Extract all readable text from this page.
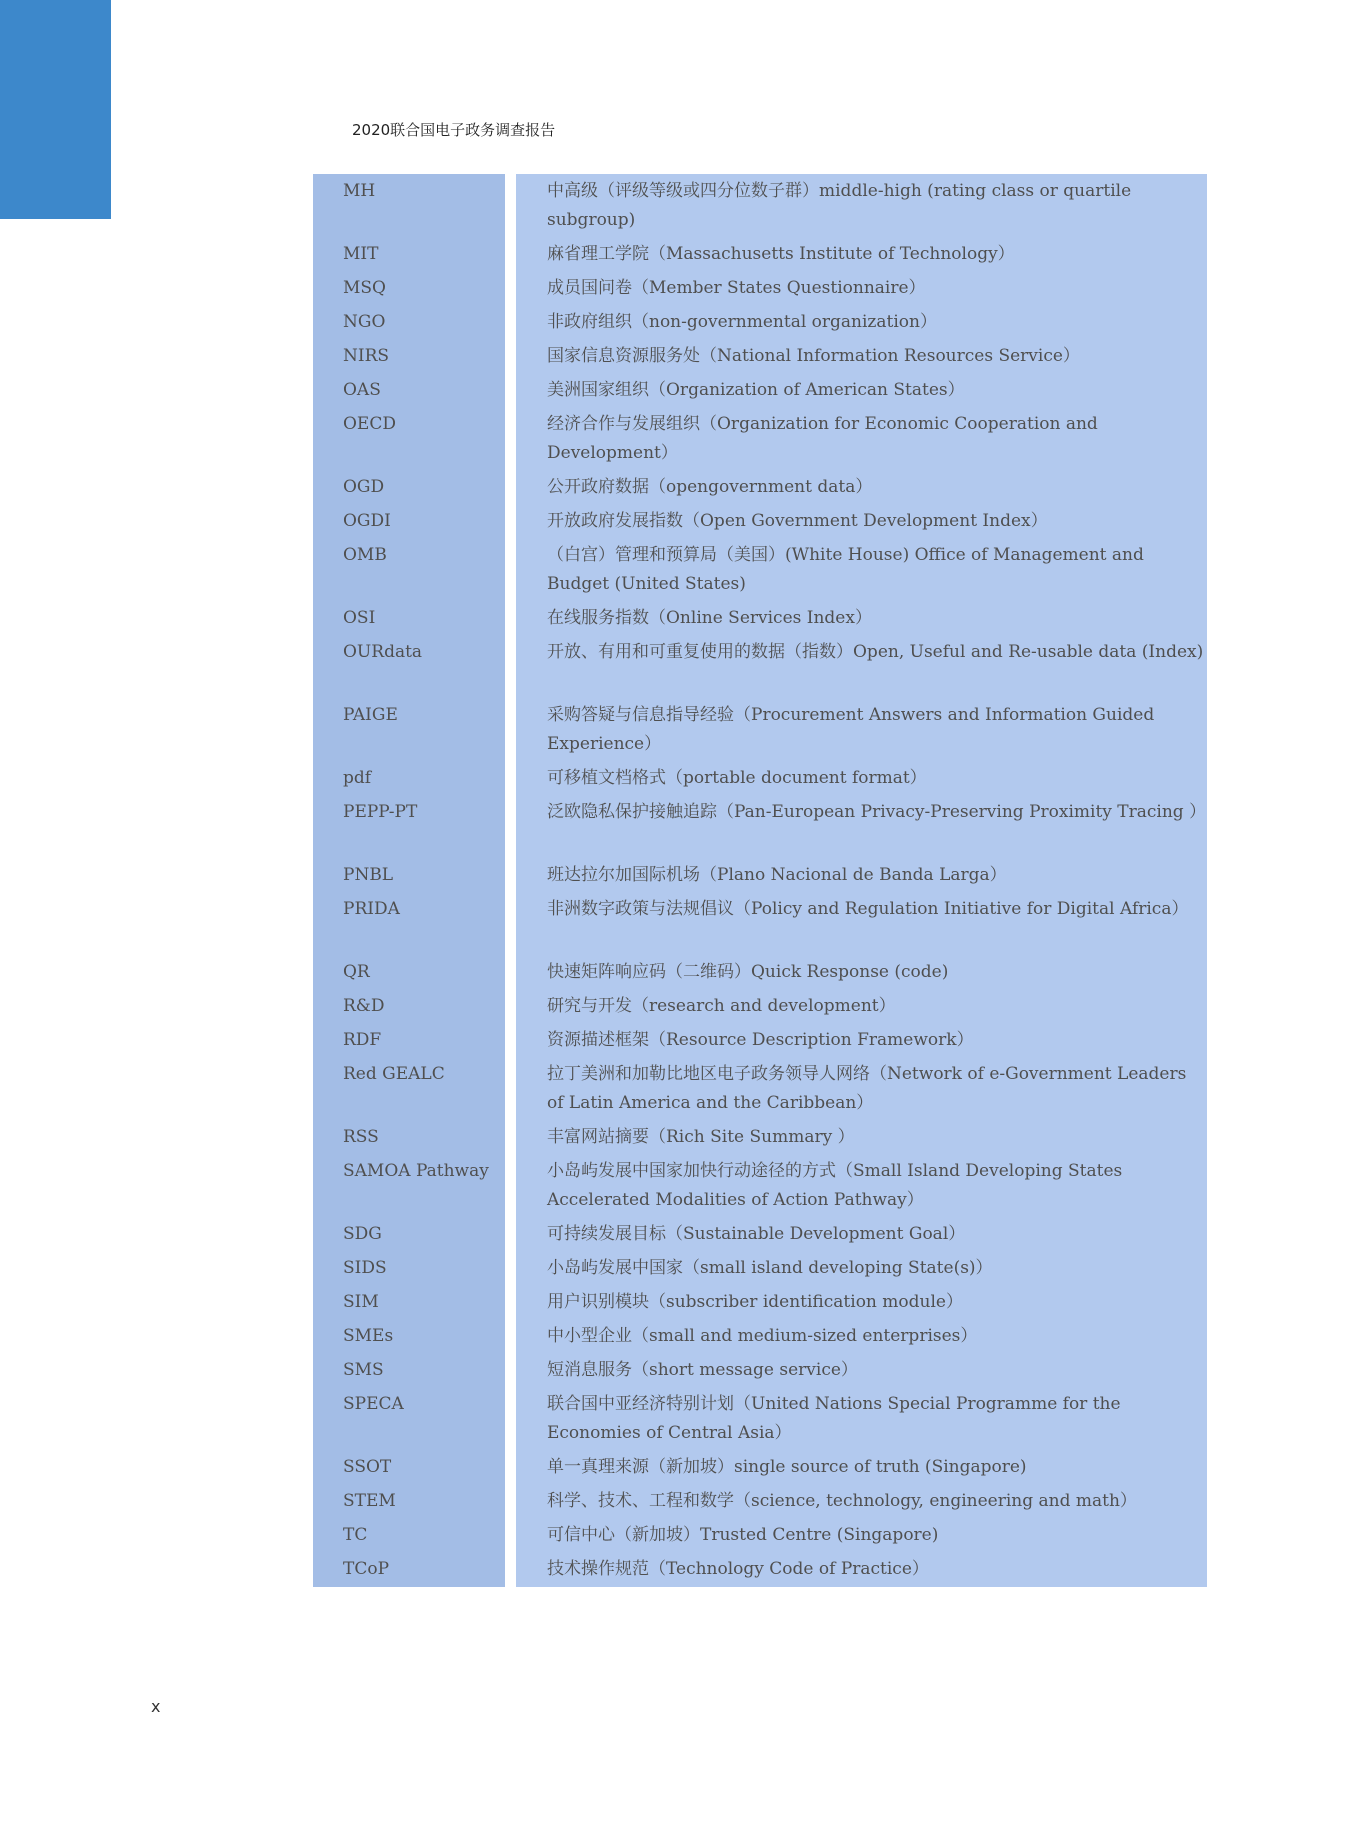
2020联合国电子政务调查报告
MH	中高级（评级等级或四分位数子群）middle-high (rating class or quartile subgroup)
MIT	麻省理工学院（Massachusetts Institute of Technology）
MSQ	成员国问卷（Member States Questionnaire）
NGO	非政府组织（non-governmental organization）
NIRS	国家信息资源服务处（National Information Resources Service）
OAS	美洲国家组织（Organization of American States）
OECD	经济合作与发展组织（Organization for Economic Cooperation and Development）
OGD	公开政府数据（opengovernment data）
OGDI	开放政府发展指数（Open Government Development Index）
OMB	（白宫）管理和预算局（美国）(White House) Office of Management and Budget (United States)
OSI	在线服务指数（Online Services Index）
OURdata	开放、有用和可重复使用的数据（指数）Open, Useful and Re-usable data (Index)
PAIGE	采购答疑与信息指导经验（Procurement Answers and Information Guided Experience）
pdf	可移植文档格式（portable document format）
PEPP-PT	泛欧隐私保护接触追踪（Pan-European Privacy-Preserving Proximity Tracing ）
PNBL	班达拉尔加国际机场（Plano Nacional de Banda Larga）
PRIDA	非洲数字政策与法规倡议（Policy and Regulation Initiative for Digital Africa）
QR	快速矩阵响应码（二维码）Quick Response (code)
R&D	研究与开发（research and development）
RDF	资源描述框架（Resource Description Framework）
Red GEALC	拉丁美洲和加勒比地区电子政务领导人网络（Network of e-Government Leaders of Latin America and the Caribbean）
RSS	丰富网站摘要（Rich Site Summary ）
SAMOA Pathway	小岛屿发展中国家加快行动途径的方式（Small Island Developing States Accelerated Modalities of Action Pathway）
SDG	可持续发展目标（Sustainable Development Goal）
SIDS	小岛屿发展中国家（small island developing State(s)）
SIM	用户识别模块（subscriber identification module）
SMEs	中小型企业（small and medium-sized enterprises）
SMS	短消息服务（short message service）
SPECA	联合国中亚经济特别计划（United Nations Special Programme for the Economies of Central Asia）
SSOT	单一真理来源（新加坡）single source of truth (Singapore)
STEM	科学、技术、工程和数学（science, technology, engineering and math）
TC	可信中心（新加坡）Trusted Centre (Singapore)
TCoP	技术操作规范（Technology Code of Practice）
x
